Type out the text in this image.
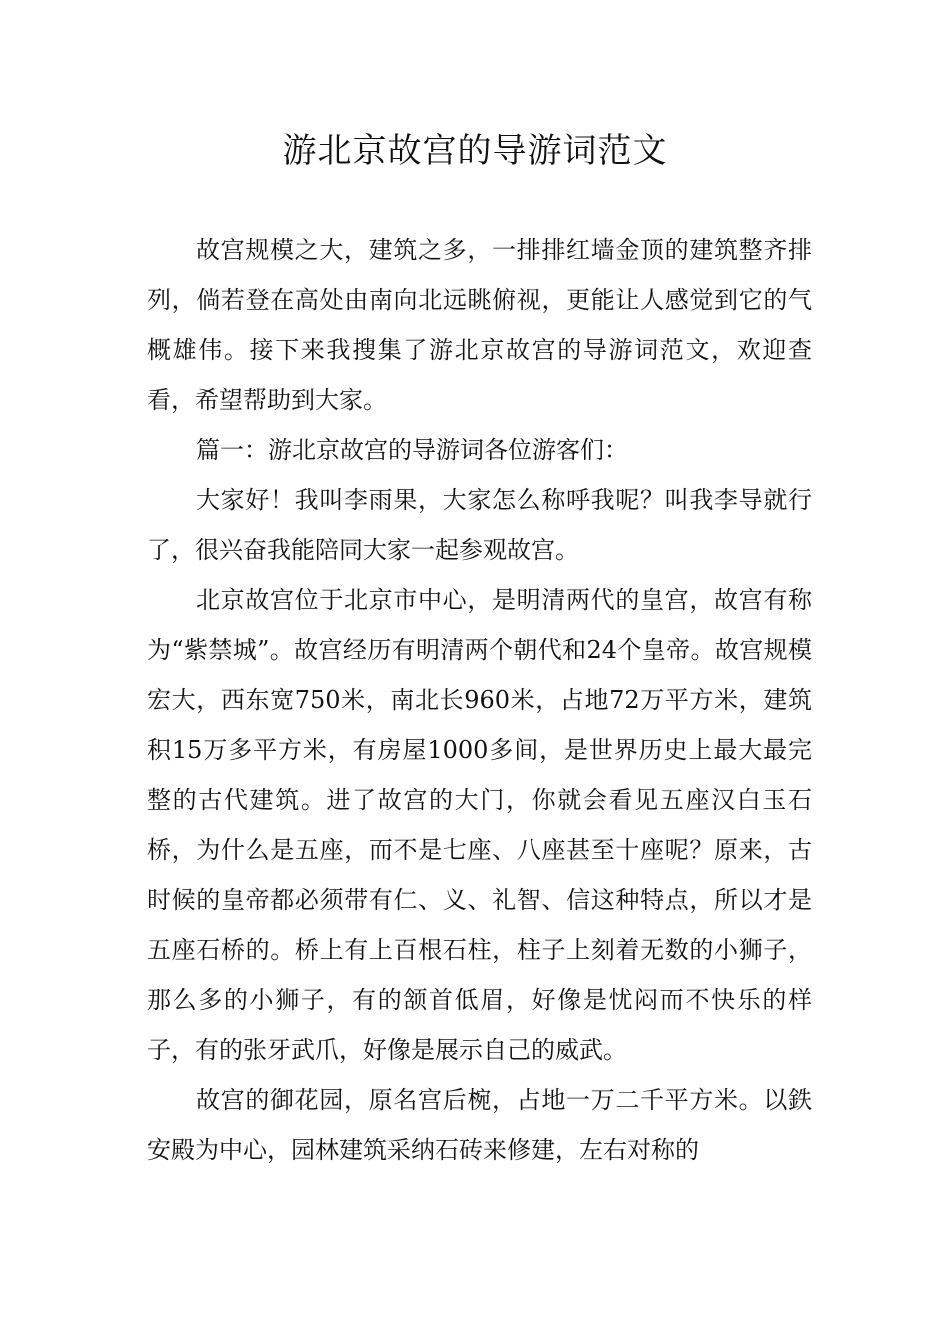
游北京故宫的导游词范文

故宫规模之大，建筑之多，一排排红墙金顶的建筑整齐排列，倘若登在高处由南向北远眺俯视，更能让人感觉到它的气概雄伟。接下来我搜集了游北京故宫的导游词范文，欢迎查看，希望帮助到大家。

篇一：游北京故宫的导游词各位游客们：

大家好！我叫李雨果，大家怎么称呼我呢？叫我李导就行了，很兴奋我能陪同大家一起参观故宫。

北京故宫位于北京市中心，是明清两代的皇宫，故宫有称为“紫禁城”。故宫经历有明清两个朝代和24个皇帝。故宫规模宏大，西东宽750米，南北长960米，占地72万平方米，建筑积15万多平方米，有房屋1000多间，是世界历史上最大最完整的古代建筑。进了故宫的大门，你就会看见五座汉白玉石桥，为什么是五座，而不是七座、八座甚至十座呢？原来，古时候的皇帝都必须带有仁、义、礼智、信这种特点，所以才是五座石桥的。桥上有上百根石柱，柱子上刻着无数的小狮子，那么多的小狮子，有的颔首低眉，好像是忧闷而不快乐的样子，有的张牙武爪，好像是展示自己的威武。

故宫的御花园，原名宫后椀，占地一万二千平方米。以鉄安殿为中心，园林建筑采纳石砖来修建，左右对称的
